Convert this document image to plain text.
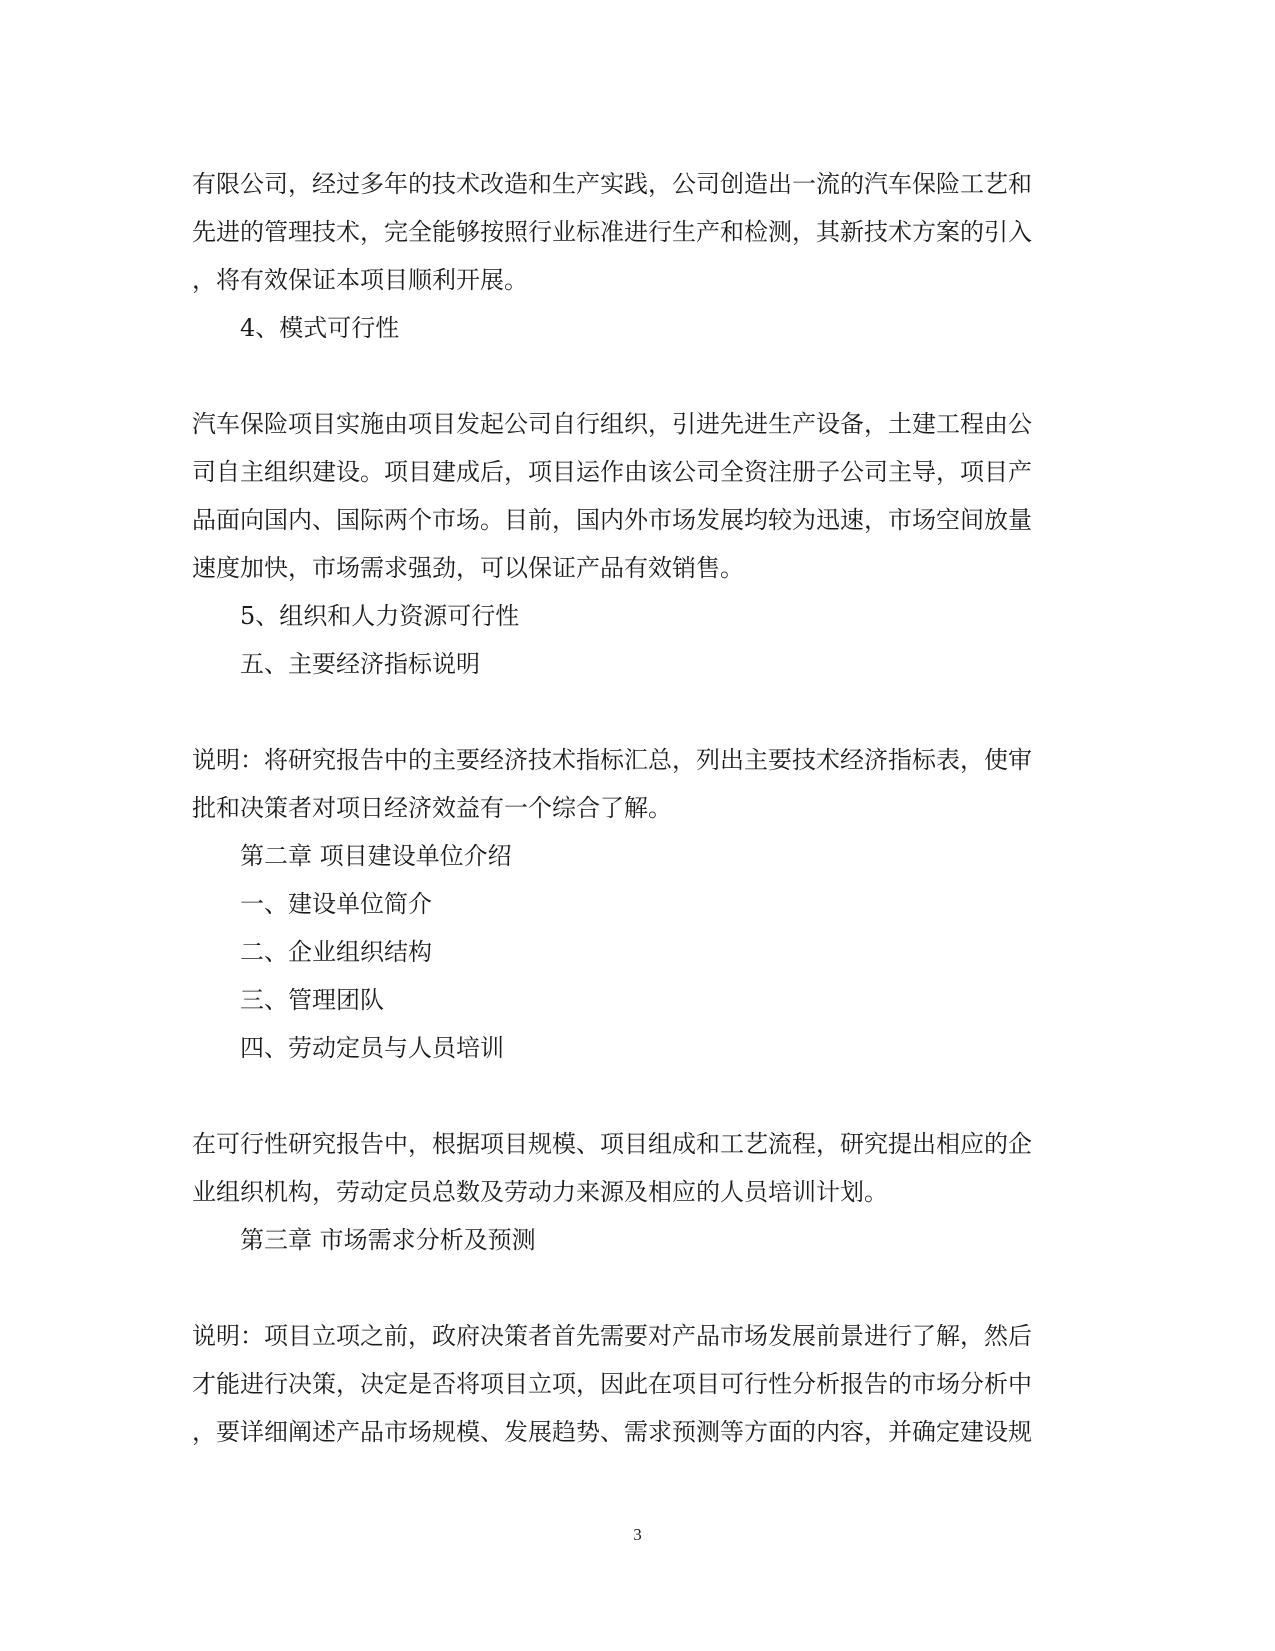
有限公司，经过多年的技术改造和生产实践，公司创造出一流的汽车保险工艺和
先进的管理技术，完全能够按照行业标准进行生产和检测，其新技术方案的引入
，将有效保证本项目顺利开展。
4、模式可行性
汽车保险项目实施由项目发起公司自行组织，引进先进生产设备，土建工程由公
司自主组织建设。项目建成后，项目运作由该公司全资注册子公司主导，项目产
品面向国内、国际两个市场。目前，国内外市场发展均较为迅速，市场空间放量
速度加快，市场需求强劲，可以保证产品有效销售。
5、组织和人力资源可行性
五、主要经济指标说明
说明：将研究报告中的主要经济技术指标汇总，列出主要技术经济指标表，使审
批和决策者对项日经济效益有一个综合了解。
第二章 项目建设单位介绍
一、建设单位简介
二、企业组织结构
三、管理团队
四、劳动定员与人员培训
在可行性研究报告中，根据项目规模、项目组成和工艺流程，研究提出相应的企
业组织机构，劳动定员总数及劳动力来源及相应的人员培训计划。
第三章 市场需求分析及预测
说明：项目立项之前，政府决策者首先需要对产品市场发展前景进行了解，然后
才能进行决策，决定是否将项目立项，因此在项目可行性分析报告的市场分析中
，要详细阐述产品市场规模、发展趋势、需求预测等方面的内容，并确定建设规
3
